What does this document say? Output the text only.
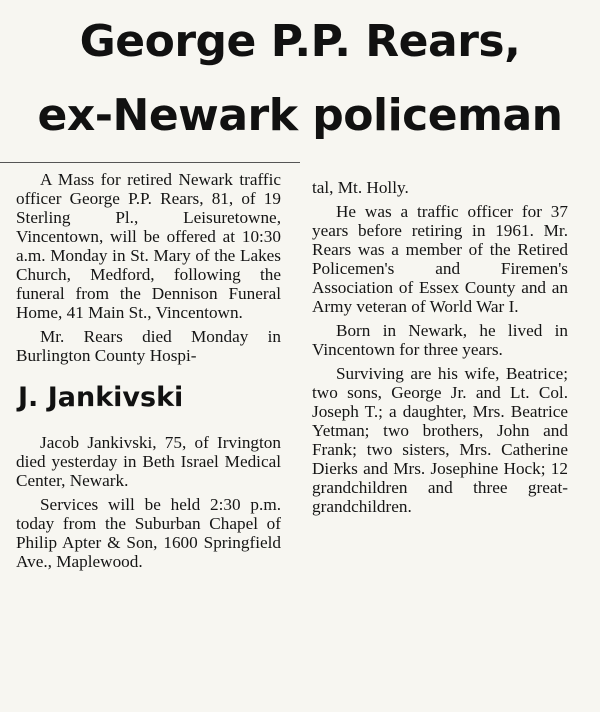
George P.P. Rears,
ex-Newark policeman

A Mass for retired Newark traffic officer George P.P. Rears, 81, of 19 Sterling Pl., Leisuretowne, Vincentown, will be offered at 10:30 a.m. Monday in St. Mary of the Lakes Church, Medford, following the funeral from the Dennison Funeral Home, 41 Main St., Vincentown.

Mr. Rears died Monday in Burlington County Hospi-

J. Jankivski

Jacob Jankivski, 75, of Irvington died yesterday in Beth Israel Medical Center, Newark.

Services will be held 2:30 p.m. today from the Suburban Chapel of Philip Apter & Son, 1600 Springfield Ave., Maplewood.

tal, Mt. Holly.

He was a traffic officer for 37 years before retiring in 1961. Mr. Rears was a member of the Retired Policemen's and Firemen's Association of Essex County and an Army veteran of World War I.

Born in Newark, he lived in Vincentown for three years.

Surviving are his wife, Beatrice; two sons, George Jr. and Lt. Col. Joseph T.; a daughter, Mrs. Beatrice Yetman; two brothers, John and Frank; two sisters, Mrs. Catherine Dierks and Mrs. Josephine Hock; 12 grandchildren and three great-grandchildren.
